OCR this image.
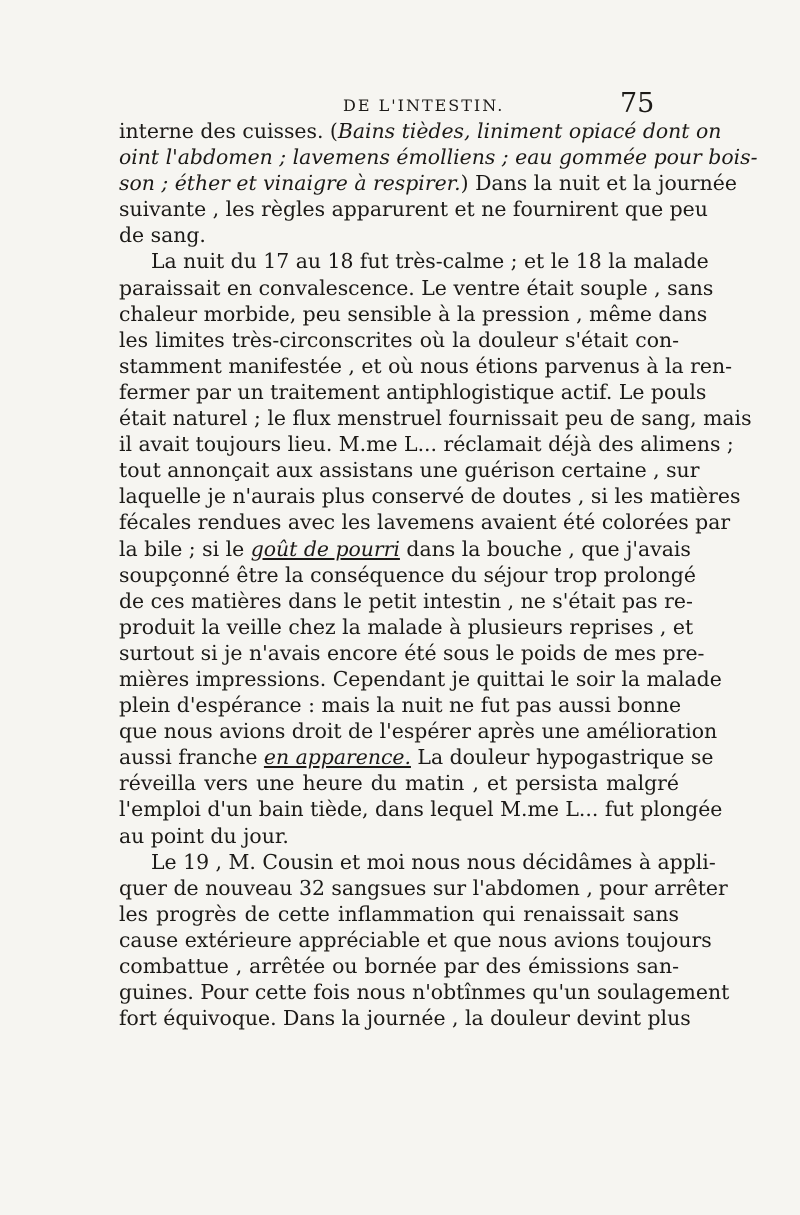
DE L'INTESTIN.	75
interne des cuisses. (Bains tièdes, liniment opiacé dont on
oint l'abdomen ; lavemens émolliens ; eau gommée pour bois-
son ; éther et vinaigre à respirer.) Dans la nuit et la journée
suivante , les règles apparurent et ne fournirent que peu
de sang.
La nuit du 17 au 18 fut très-calme ; et le 18 la malade
paraissait en convalescence. Le ventre était souple , sans
chaleur morbide, peu sensible à la pression , même dans
les limites très-circonscrites où la douleur s'était con-
stamment manifestée , et où nous étions parvenus à la ren-
fermer par un traitement antiphlogistique actif. Le pouls
était naturel ; le flux menstruel fournissait peu de sang, mais
il avait toujours lieu. M.me L... réclamait déjà des alimens ;
tout annonçait aux assistans une guérison certaine , sur
laquelle je n'aurais plus conservé de doutes , si les matières
fécales rendues avec les lavemens avaient été colorées par
la bile ; si le goût de pourri dans la bouche , que j'avais
soupçonné être la conséquence du séjour trop prolongé
de ces matières dans le petit intestin , ne s'était pas re-
produit la veille chez la malade à plusieurs reprises , et
surtout si je n'avais encore été sous le poids de mes pre-
mières impressions. Cependant je quittai le soir la malade
plein d'espérance : mais la nuit ne fut pas aussi bonne
que nous avions droit de l'espérer après une amélioration
aussi franche en apparence. La douleur hypogastrique se
réveilla vers une heure du matin , et persista malgré
l'emploi d'un bain tiède, dans lequel M.me L... fut plongée
au point du jour.
Le 19 , M. Cousin et moi nous nous décidâmes à appli-
quer de nouveau 32 sangsues sur l'abdomen , pour arrêter
les progrès de cette inflammation qui renaissait sans
cause extérieure appréciable et que nous avions toujours
combattue , arrêtée ou bornée par des émissions san-
guines. Pour cette fois nous n'obtînmes qu'un soulagement
fort équivoque. Dans la journée , la douleur devint plus
